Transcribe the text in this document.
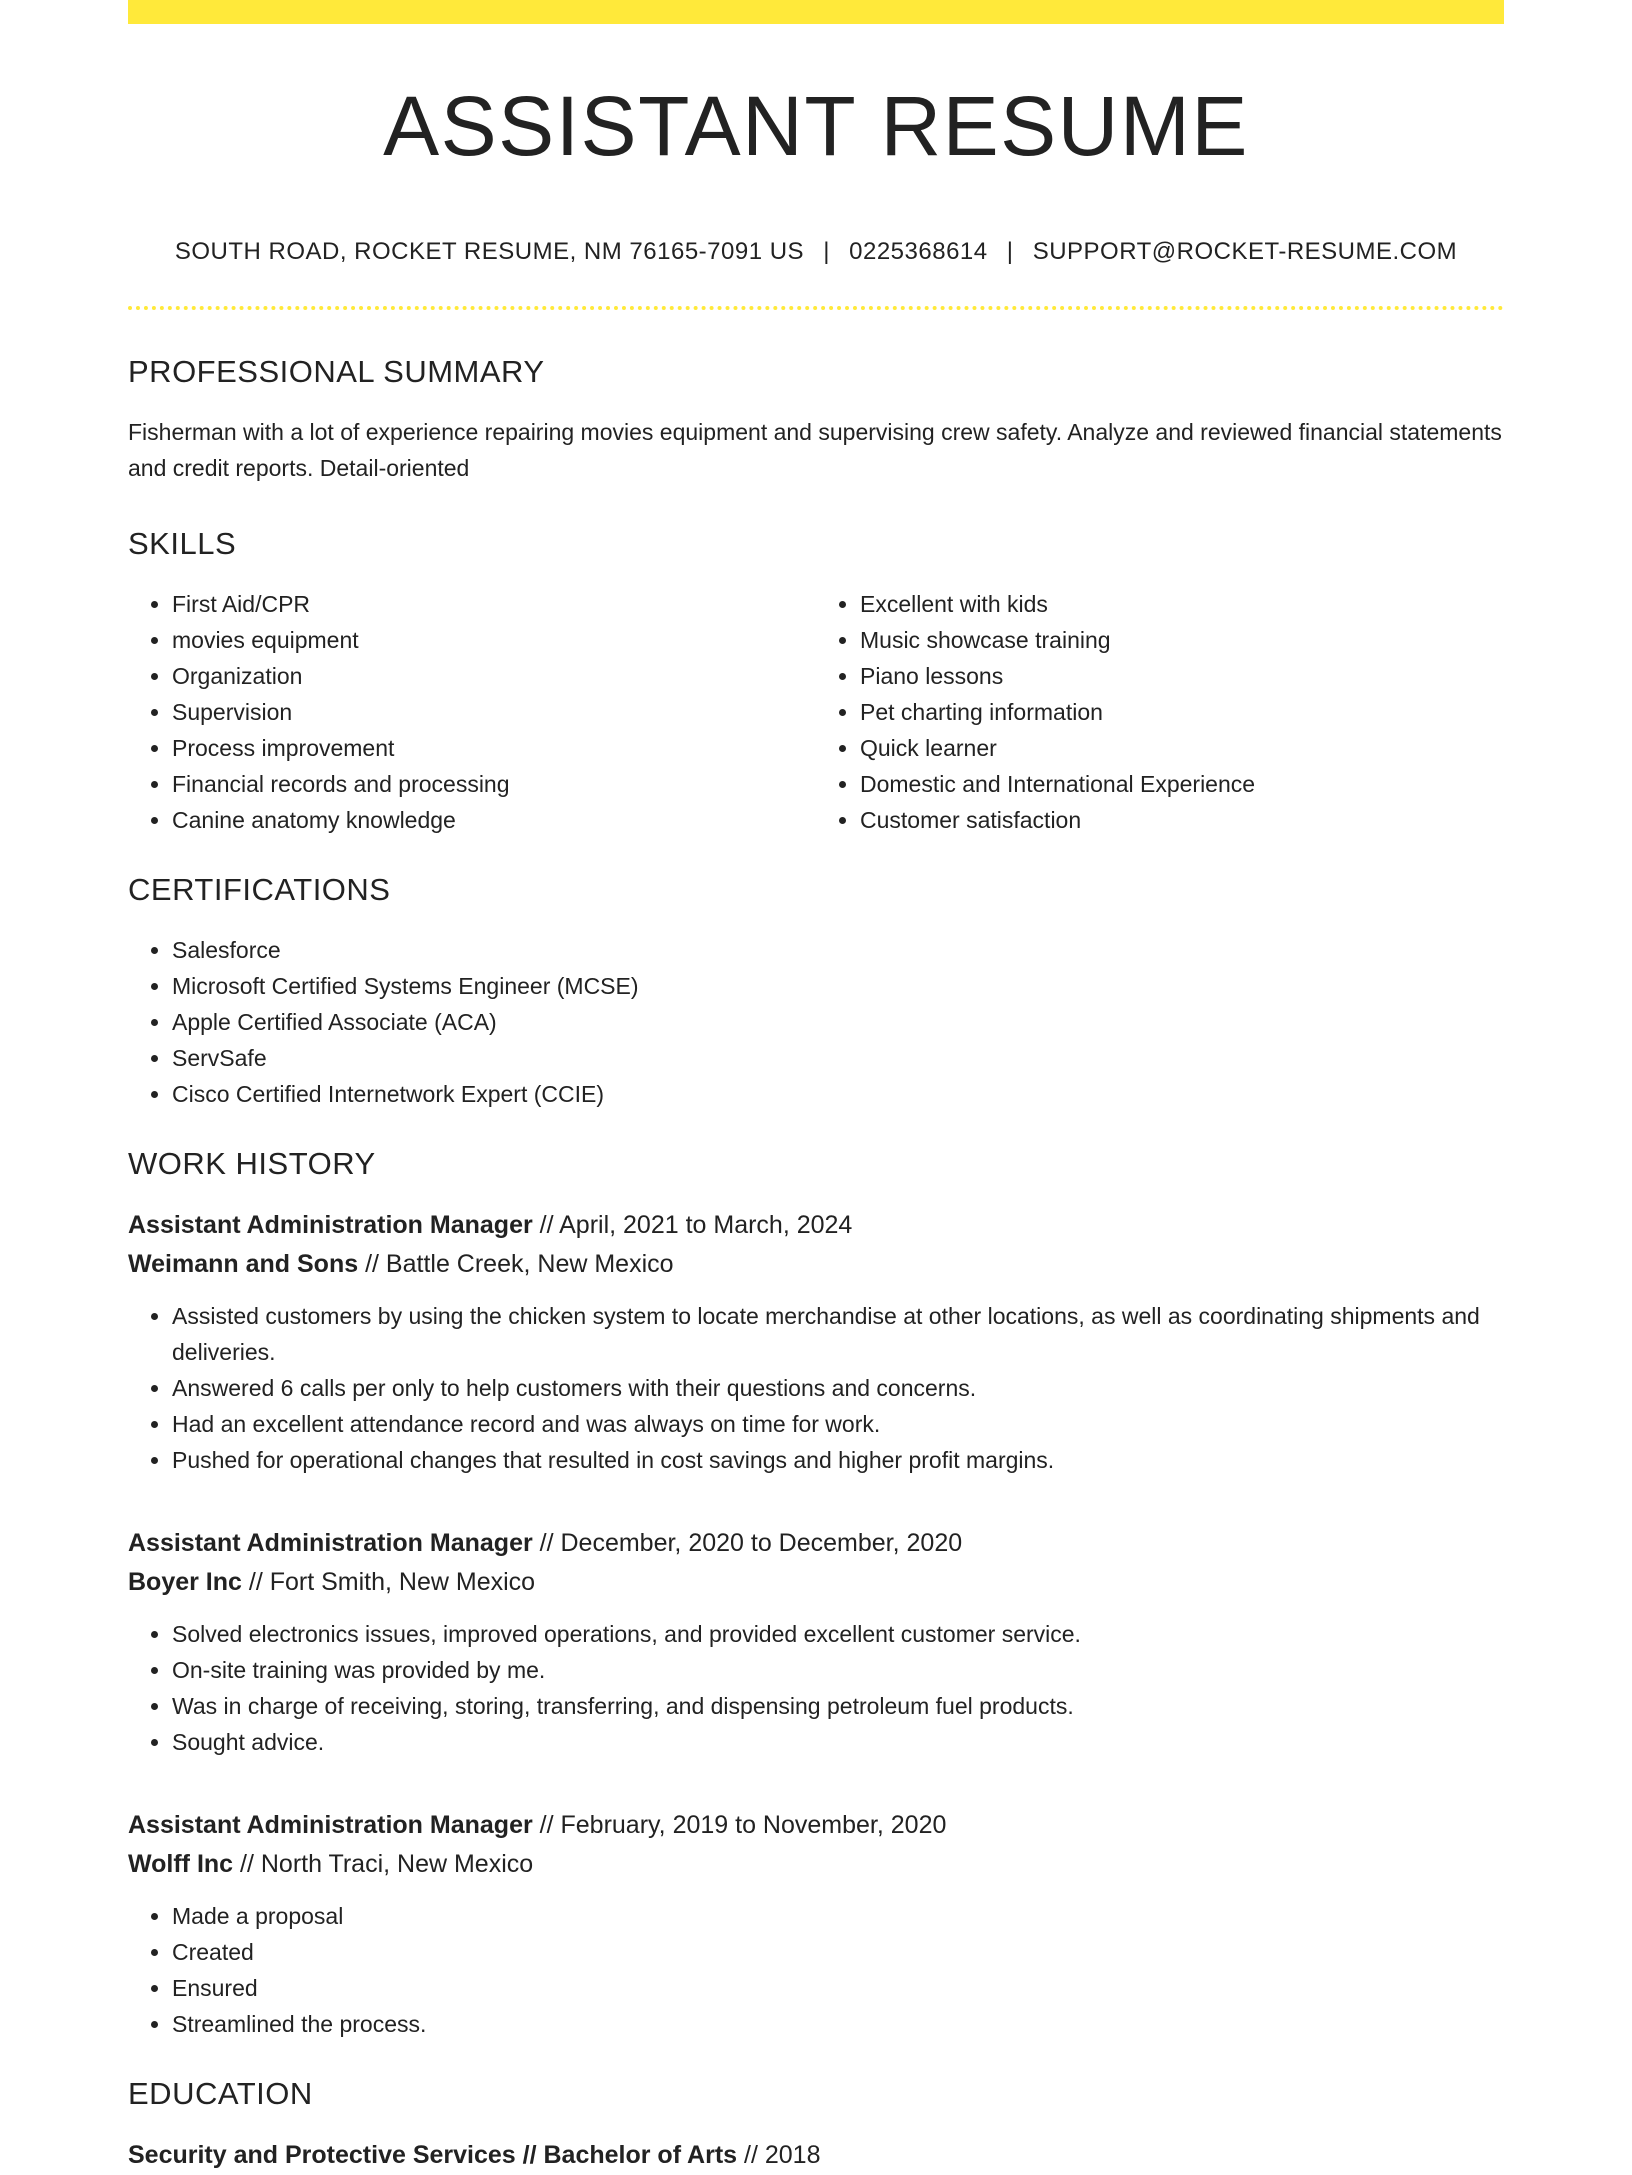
ASSISTANT RESUME
SOUTH ROAD, ROCKET RESUME, NM 76165-7091 US | 0225368614 | SUPPORT@ROCKET-RESUME.COM
PROFESSIONAL SUMMARY

Fisherman with a lot of experience repairing movies equipment and supervising crew safety. Analyze and reviewed financial statements and credit reports. Detail-oriented

SKILLS
• First Aid/CPR
• movies equipment
• Organization
• Supervision
• Process improvement
• Financial records and processing
• Canine anatomy knowledge
• Excellent with kids
• Music showcase training
• Piano lessons
• Pet charting information
• Quick learner
• Domestic and International Experience
• Customer satisfaction
CERTIFICATIONS
• Salesforce
• Microsoft Certified Systems Engineer (MCSE)
• Apple Certified Associate (ACA)
• ServSafe
• Cisco Certified Internetwork Expert (CCIE)
WORK HISTORY
Assistant Administration Manager // April, 2021 to March, 2024
Weimann and Sons // Battle Creek, New Mexico
• Assisted customers by using the chicken system to locate merchandise at other locations, as well as coordinating shipments and deliveries.
• Answered 6 calls per only to help customers with their questions and concerns.
• Had an excellent attendance record and was always on time for work.
• Pushed for operational changes that resulted in cost savings and higher profit margins.
Assistant Administration Manager // December, 2020 to December, 2020
Boyer Inc // Fort Smith, New Mexico
• Solved electronics issues, improved operations, and provided excellent customer service.
• On-site training was provided by me.
• Was in charge of receiving, storing, transferring, and dispensing petroleum fuel products.
• Sought advice.
Assistant Administration Manager // February, 2019 to November, 2020
Wolff Inc // North Traci, New Mexico
• Made a proposal
• Created
• Ensured
• Streamlined the process.
EDUCATION
Security and Protective Services // Bachelor of Arts // 2018
